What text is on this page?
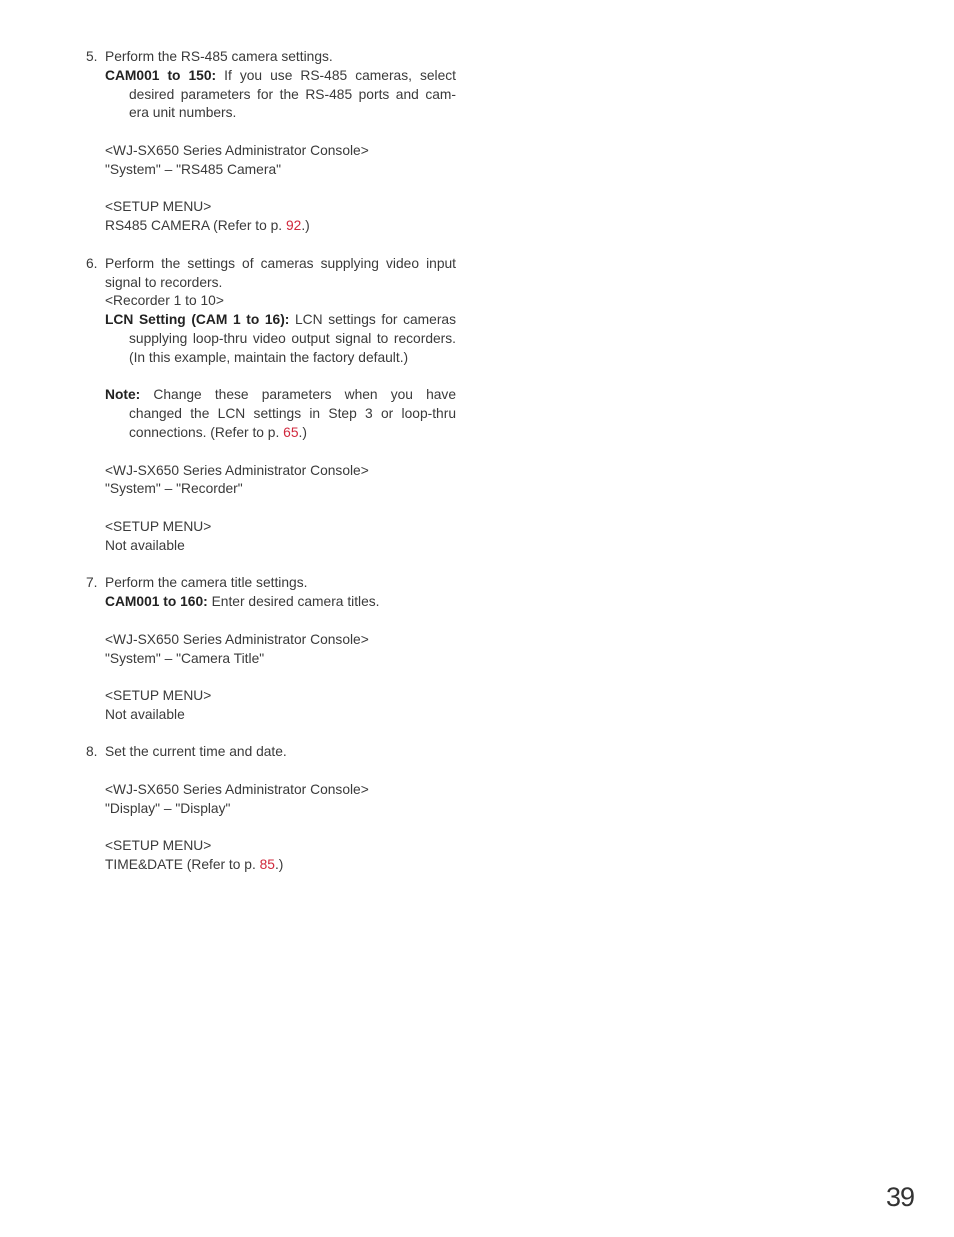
5. Perform the RS-485 camera settings.
CAM001 to 150: If you use RS-485 cameras, select desired parameters for the RS-485 ports and cam-era unit numbers.
<WJ-SX650 Series Administrator Console>
"System" – "RS485 Camera"
<SETUP MENU>
RS485 CAMERA (Refer to p. 92.)
6. Perform the settings of cameras supplying video input signal to recorders.
<Recorder 1 to 10>
LCN Setting (CAM 1 to 16): LCN settings for cameras supplying loop-thru video output signal to recorders. (In this example, maintain the factory default.)
Note: Change these parameters when you have changed the LCN settings in Step 3 or loop-thru connections. (Refer to p. 65.)
<WJ-SX650 Series Administrator Console>
"System" – "Recorder"
<SETUP MENU>
Not available
7. Perform the camera title settings.
CAM001 to 160: Enter desired camera titles.
<WJ-SX650 Series Administrator Console>
"System" – "Camera Title"
<SETUP MENU>
Not available
8. Set the current time and date.
<WJ-SX650 Series Administrator Console>
"Display" – "Display"
<SETUP MENU>
TIME&DATE (Refer to p. 85.)
39
